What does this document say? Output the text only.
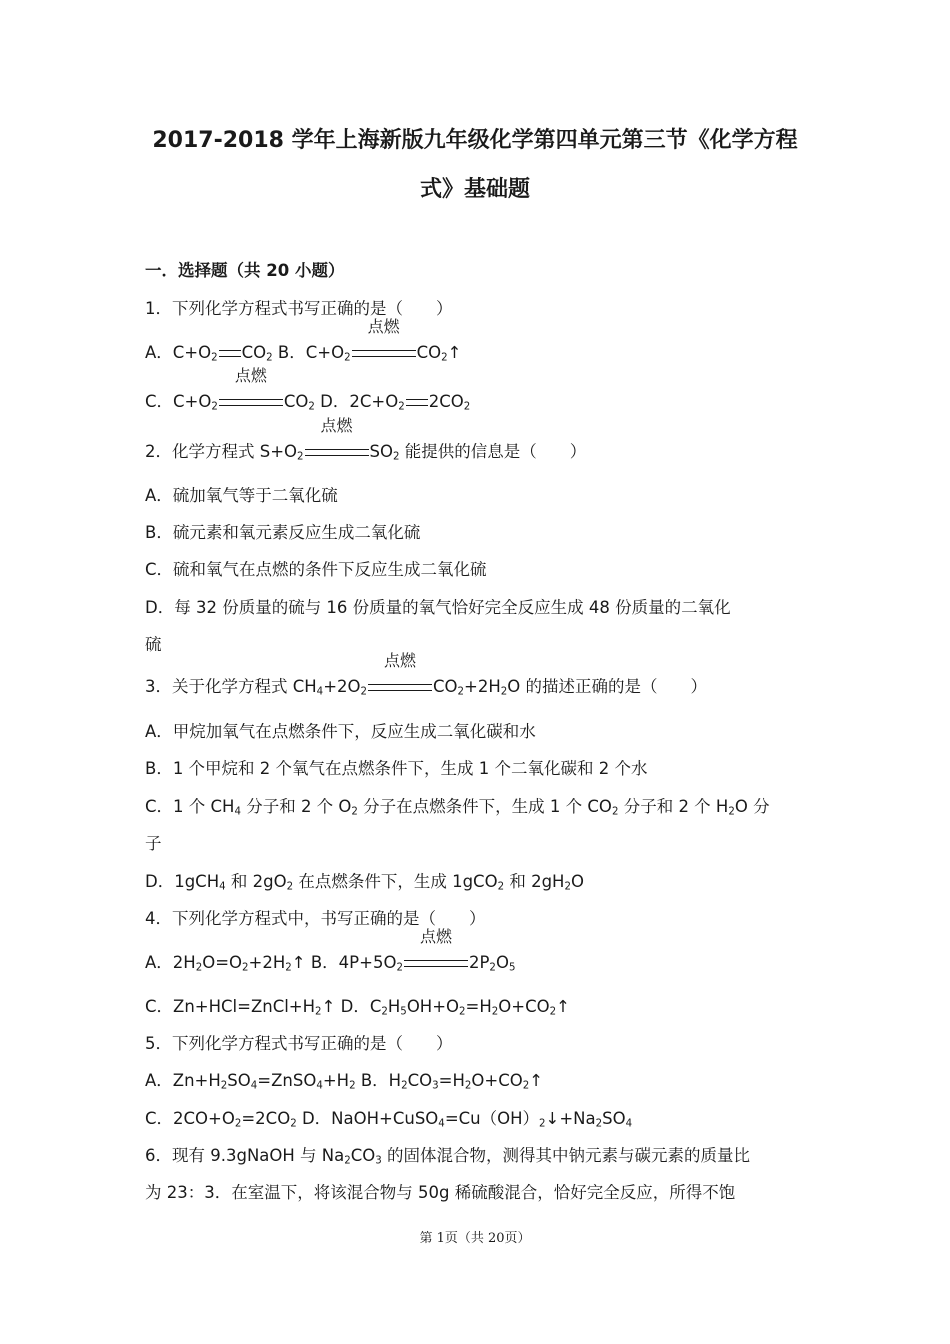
2017-2018 学年上海新版九年级化学第四单元第三节《化学方程
式》基础题
一．选择题（共 20 小题）
1．下列化学方程式书写正确的是（　　）
A．$C+O_2$ $CO_2$ B．$C+O_2$
点燃
$CO_2↑$
C．$C+O_2$
点燃
$CO_2$ D．$2C+O_2$ $2CO_2$
2．化学方程式 $S+O_2$
点燃
$SO_2$ 能提供的信息是（　　）
A．硫加氧气等于二氧化硫
B．硫元素和氧元素反应生成二氧化硫
C．硫和氧气在点燃的条件下反应生成二氧化硫
D．每 32 份质量的硫与 16 份质量的氧气恰好完全反应生成 48 份质量的二氧化
硫
3．关于化学方程式 $CH_4+2O_2$
点燃
$CO_2+2H_2O$ 的描述正确的是（　　）
A．甲烷加氧气在点燃条件下，反应生成二氧化碳和水
B．1 个甲烷和 2 个氧气在点燃条件下，生成 1 个二氧化碳和 2 个水
C．1 个 $CH_4$ 分子和 2 个 $O_2$ 分子在点燃条件下，生成 1 个 $CO_2$ 分子和 2 个 $H_2O$ 分
子
D．1gCH$_4$ 和 $2gO_2$ 在点燃条件下，生成 1gCO$_2$ 和 $2gH_2O$
4．下列化学方程式中，书写正确的是（　　）
A．$2H_2O=O_2+2H_2↑$ B．$4P+5O_2$
点燃
$2P_2O_5$
C．$Zn+HCl=ZnCl+H_2↑$ D．$C_2H_5OH+O_2=H_2O+CO_2↑$
5．下列化学方程式书写正确的是（　　）
A．$Zn+H_2SO_4=ZnSO_4+H_2$ B．$H_2CO_3=H_2O+CO_2↑$
C．$2CO+O_2=2CO_2$ D．$NaOH+CuSO_4=Cu(OH)_2↓+Na_2SO_4$
6．现有 9.3gNaOH 与 $Na_2CO_3$ 的固体混合物，测得其中钠元素与碳元素的质量比
为 23：3．在室温下，将该混合物与 50g 稀硫酸混合，恰好完全反应，所得不饱
第 1页（共 20页）
